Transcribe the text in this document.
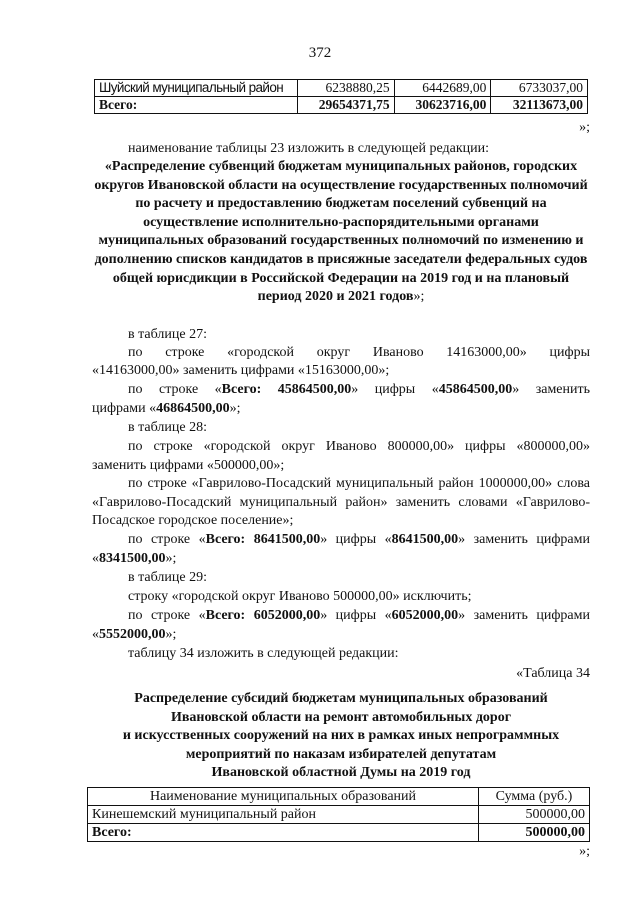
372
Шуйский муниципальный район	6238880,25	6442689,00	6733037,00
Всего:	29654371,75	30623716,00	32113673,00
»;
наименование таблицы 23 изложить в следующей редакции:
«Распределение субвенций бюджетам муниципальных районов, городских округов Ивановской области на осуществление государственных полномочий по расчету и предоставлению бюджетам поселений субвенций на осуществление исполнительно-распорядительными органами муниципальных образований государственных полномочий по изменению и дополнению списков кандидатов в присяжные заседатели федеральных судов общей юрисдикции в Российской Федерации на 2019 год и на плановый период 2020 и 2021 годов»;
в таблице 27:
по строке «городской округ Иваново 14163000,00» цифры
«14163000,00» заменить цифрами «15163000,00»;
по строке «Всего: 45864500,00» цифры «45864500,00» заменить
цифрами «46864500,00»;
в таблице 28:
по строке «городской округ Иваново 800000,00» цифры «800000,00» заменить цифрами «500000,00»;
по строке «Гаврилово-Посадский муниципальный район 1000000,00» слова «Гаврилово-Посадский муниципальный район» заменить словами «Гаврилово-Посадское городское поселение»;
по строке «Всего: 8641500,00» цифры «8641500,00» заменить цифрами
«8341500,00»;
в таблице 29:
строку «городской округ Иваново 500000,00» исключить;
по строке «Всего: 6052000,00» цифры «6052000,00» заменить цифрами
«5552000,00»;
таблицу 34 изложить в следующей редакции:
«Таблица 34
Распределение субсидий бюджетам муниципальных образований
Ивановской области на ремонт автомобильных дорог
и искусственных сооружений на них в рамках иных непрограммных
мероприятий по наказам избирателей депутатам
Ивановской областной Думы на 2019 год
Наименование муниципальных образований	Сумма (руб.)
Кинешемский муниципальный район	500000,00
Всего:	500000,00
»;
